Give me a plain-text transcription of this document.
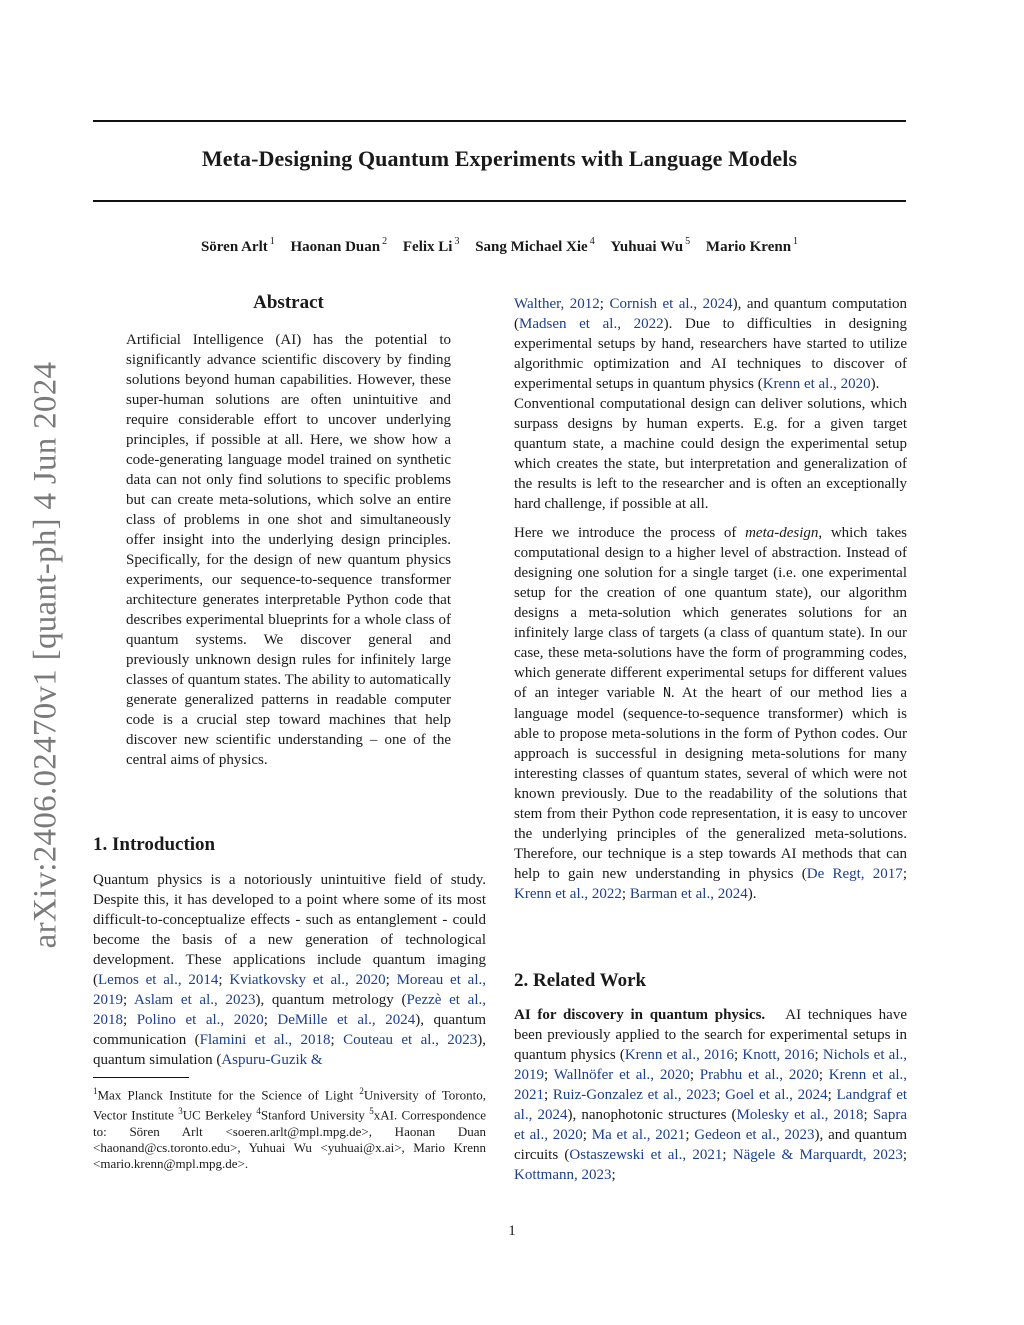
arXiv:2406.02470v1 [quant-ph] 4 Jun 2024
Meta-Designing Quantum Experiments with Language Models
Sören Arlt $^1$ Haonan Duan $^2$ Felix Li $^3$ Sang Michael Xie $^4$ Yuhuai Wu $^5$ Mario Krenn $^1$
Abstract
Artificial Intelligence (AI) has the potential to significantly advance scientific discovery by finding solutions beyond human capabilities. However, these super-human solutions are often unintuitive and require considerable effort to uncover underlying principles, if possible at all. Here, we show how a code-generating language model trained on synthetic data can not only find solutions to specific problems but can create meta-solutions, which solve an entire class of problems in one shot and simultaneously offer insight into the underlying design principles. Specifically, for the design of new quantum physics experiments, our sequence-to-sequence transformer architecture generates interpretable Python code that describes experimental blueprints for a whole class of quantum systems. We discover general and previously unknown design rules for infinitely large classes of quantum states. The ability to automatically generate generalized patterns in readable computer code is a crucial step toward machines that help discover new scientific understanding – one of the central aims of physics.
1. Introduction
Quantum physics is a notoriously unintuitive field of study. Despite this, it has developed to a point where some of its most difficult-to-conceptualize effects - such as entanglement - could become the basis of a new generation of technological development. These applications include quantum imaging (Lemos et al., 2014; Kviatkovsky et al., 2020; Moreau et al., 2019; Aslam et al., 2023), quantum metrology (Pezzè et al., 2018; Polino et al., 2020; DeMille et al., 2024), quantum communication (Flamini et al., 2018; Couteau et al., 2023), quantum simulation (Aspuru-Guzik &
$^1$Max Planck Institute for the Science of Light $^2$University of Toronto, Vector Institute $^3$UC Berkeley $^4$Stanford University $^5$xAI. Correspondence to: Sören Arlt <soeren.arlt@mpl.mpg.de>, Haonan Duan <haonand@cs.toronto.edu>, Yuhuai Wu <yuhuai@x.ai>, Mario Krenn <mario.krenn@mpl.mpg.de>.

Walther, 2012; Cornish et al., 2024), and quantum computation (Madsen et al., 2022). Due to difficulties in designing experimental setups by hand, researchers have started to utilize algorithmic optimization and AI techniques to discover of experimental setups in quantum physics (Krenn et al., 2020).

Conventional computational design can deliver solutions, which surpass designs by human experts. E.g. for a given target quantum state, a machine could design the experimental setup which creates the state, but interpretation and generalization of the results is left to the researcher and is often an exceptionally hard challenge, if possible at all.

Here we introduce the process of meta-design, which takes computational design to a higher level of abstraction. Instead of designing one solution for a single target (i.e. one experimental setup for the creation of one quantum state), our algorithm designs a meta-solution which generates solutions for an infinitely large class of targets (a class of quantum state). In our case, these meta-solutions have the form of programming codes, which generate different experimental setups for different values of an integer variable N. At the heart of our method lies a language model (sequence-to-sequence transformer) which is able to propose meta-solutions in the form of Python codes. Our approach is successful in designing meta-solutions for many interesting classes of quantum states, several of which were not known previously. Due to the readability of the solutions that stem from their Python code representation, it is easy to uncover the underlying principles of the generalized meta-solutions. Therefore, our technique is a step towards AI methods that can help to gain new understanding in physics (De Regt, 2017; Krenn et al., 2022; Barman et al., 2024).

2. Related Work
AI for discovery in quantum physics. AI techniques have been previously applied to the search for experimental setups in quantum physics (Krenn et al., 2016; Knott, 2016; Nichols et al., 2019; Wallnöfer et al., 2020; Prabhu et al., 2020; Krenn et al., 2021; Ruiz-Gonzalez et al., 2023; Goel et al., 2024; Landgraf et al., 2024), nanophotonic structures (Molesky et al., 2018; Sapra et al., 2020; Ma et al., 2021; Gedeon et al., 2023), and quantum circuits (Ostaszewski et al., 2021; Nägele & Marquardt, 2023; Kottmann, 2023;
1
